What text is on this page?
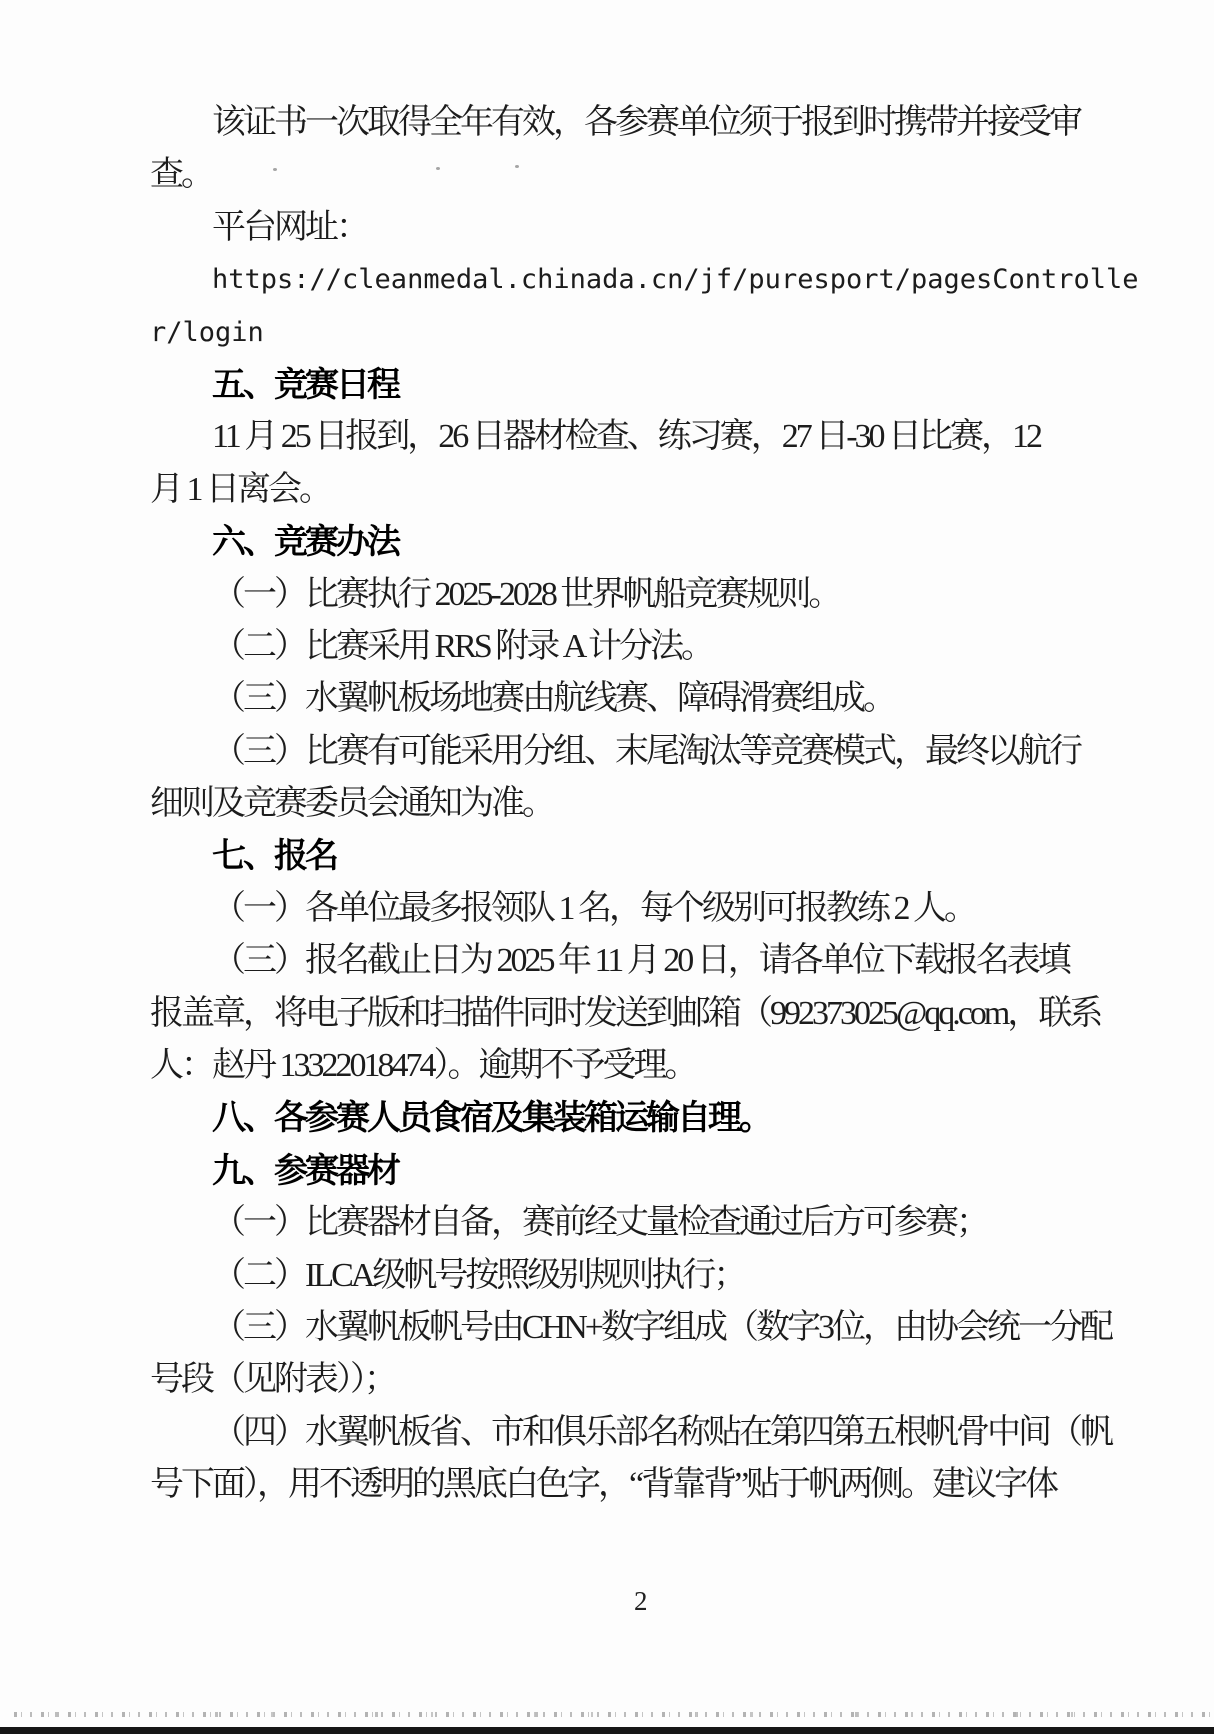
该证书一次取得全年有效，各参赛单位须于报到时携带并接受审
查。
平台网址：
https://cleanmedal.chinada.cn/jf/puresport/pagesControlle
r/login
五、竞赛日程
11 月 25 日报到，26 日器材检查、练习赛，27 日-30 日比赛，12
月 1 日离会。
六、竞赛办法
（一）比赛执行 2025-2028 世界帆船竞赛规则。
（二）比赛采用 RRS 附录 A 计分法。
（三）水翼帆板场地赛由航线赛、障碍滑赛组成。
（三）比赛有可能采用分组、末尾淘汰等竞赛模式，最终以航行
细则及竞赛委员会通知为准。
七、报名
（一）各单位最多报领队 1 名，每个级别可报教练 2 人。
（三）报名截止日为 2025 年 11 月 20 日，请各单位下载报名表填
报盖章，将电子版和扫描件同时发送到邮箱（992373025@qq.com，联系
人：赵丹 13322018474）。逾期不予受理。
八、各参赛人员食宿及集装箱运输自理。
九、参赛器材
（一）比赛器材自备，赛前经丈量检查通过后方可参赛；
（二）ILCA级帆号按照级别规则执行；
（三）水翼帆板帆号由CHN+数字组成（数字3位，由协会统一分配
号段（见附表））；
（四）水翼帆板省、市和俱乐部名称贴在第四第五根帆骨中间（帆
号下面），用不透明的黑底白色字，“背靠背”贴于帆两侧。建议字体
2
